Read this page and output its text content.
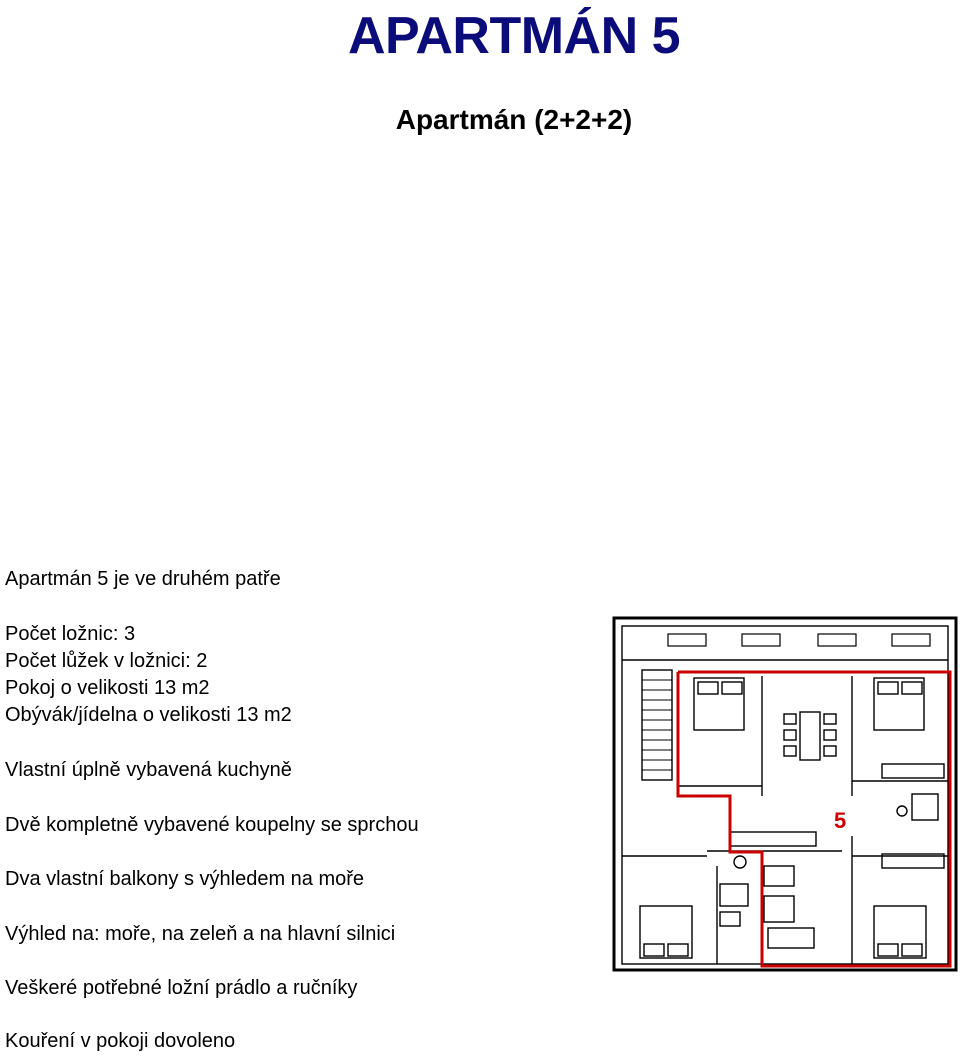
APARTMÁN 5
Apartmán (2+2+2)
Apartmán 5 je ve druhém patře
Počet ložnic: 3
Počet lůžek v ložnici: 2
Pokoj o velikosti 13 m2
Obývák/jídelna o velikosti 13 m2
Vlastní úplně vybavená kuchyně
Dvě kompletně vybavené koupelny se sprchou
Dva vlastní balkony s výhledem na moře
Výhled na: moře, na zeleň a na hlavní silnici
Veškeré potřebné ložní prádlo a ručníky
Kouření v pokoji dovoleno
5
